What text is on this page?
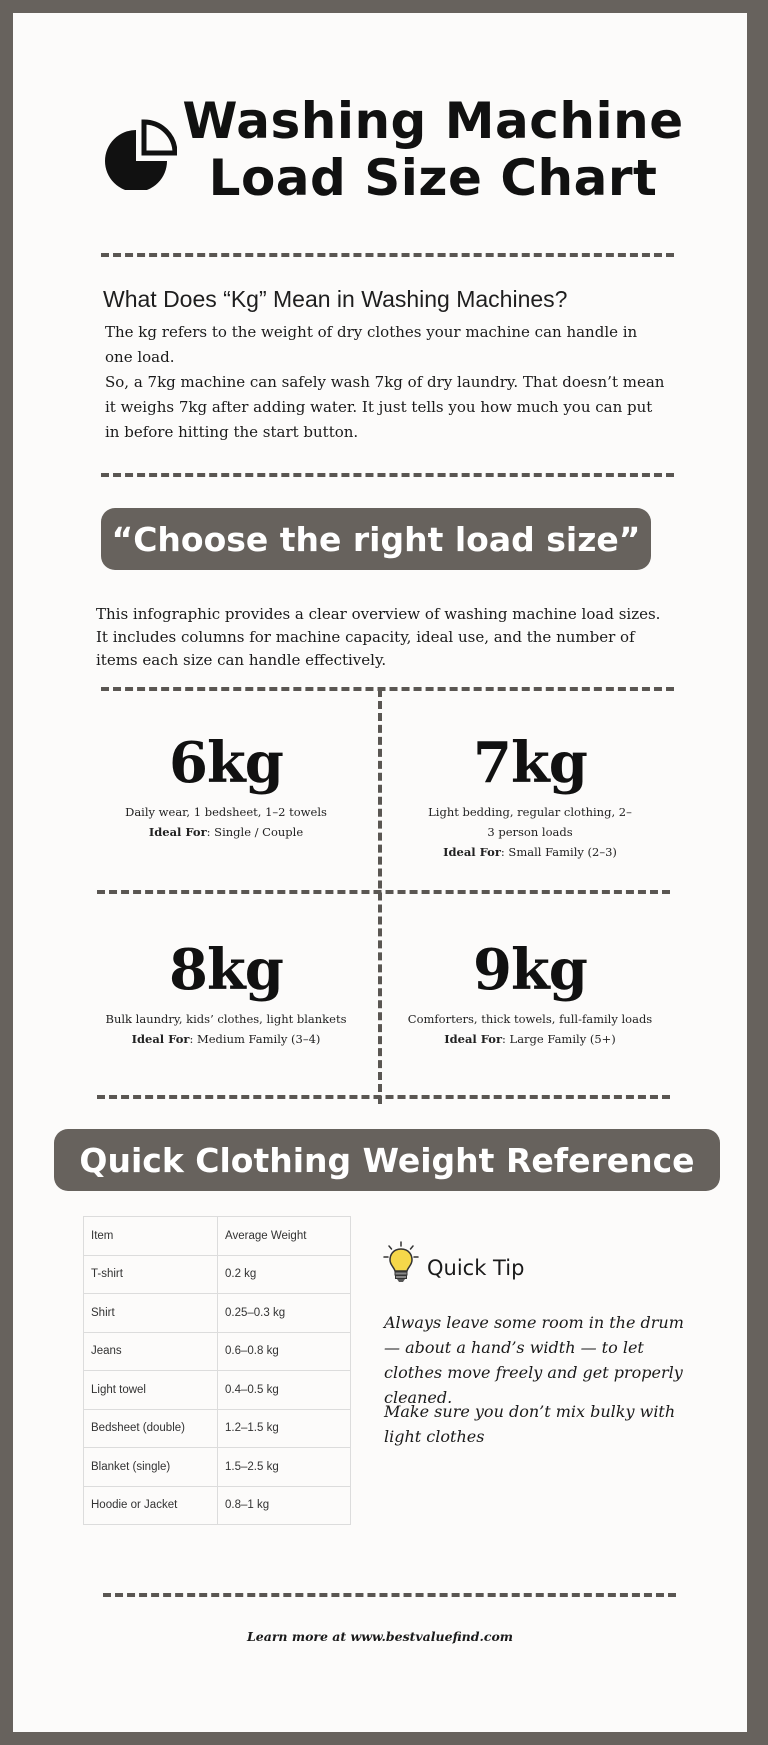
Washing Machine
Load Size Chart
What Does “Kg” Mean in Washing Machines?
The kg refers to the weight of dry clothes your machine can handle in one load.
So, a 7kg machine can safely wash 7kg of dry laundry. That doesn’t mean it weighs 7kg after adding water. It just tells you how much you can put in before hitting the start button.
“Choose the right load size”
This infographic provides a clear overview of washing machine load sizes. It includes columns for machine capacity, ideal use, and the number of items each size can handle effectively.
6kg
Daily wear, 1 bedsheet, 1–2 towels
Ideal For: Single / Couple
7kg
Light bedding, regular clothing, 2–3 person loads
Ideal For: Small Family (2–3)
8kg
Bulk laundry, kids’ clothes, light blankets
Ideal For: Medium Family (3–4)
9kg
Comforters, thick towels, full-family loads
Ideal For: Large Family (5+)
Quick Clothing Weight Reference
Item	Average Weight
T-shirt	0.2 kg
Shirt	0.25–0.3 kg
Jeans	0.6–0.8 kg
Light towel	0.4–0.5 kg
Bedsheet (double)	1.2–1.5 kg
Blanket (single)	1.5–2.5 kg
Hoodie or Jacket	0.8–1 kg
Quick Tip
Always leave some room in the drum — about a hand’s width — to let clothes move freely and get properly cleaned.
Make sure you don’t mix bulky with light clothes
Learn more at www.bestvaluefind.com
